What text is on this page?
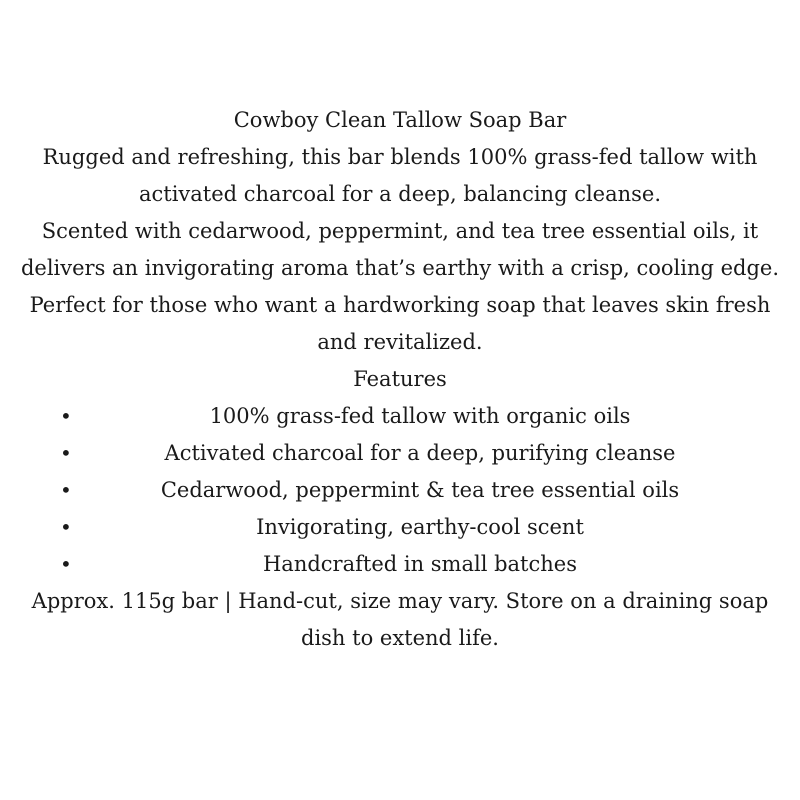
Cowboy Clean Tallow Soap Bar

Rugged and refreshing, this bar blends 100% grass-fed tallow with activated charcoal for a deep, balancing cleanse.

Scented with cedarwood, peppermint, and tea tree essential oils, it delivers an invigorating aroma that’s earthy with a crisp, cooling edge. Perfect for those who want a hardworking soap that leaves skin fresh and revitalized.

Features

•	100% grass-fed tallow with organic oils
•	Activated charcoal for a deep, purifying cleanse
•	Cedarwood, peppermint & tea tree essential oils
•	Invigorating, earthy-cool scent
•	Handcrafted in small batches

Approx. 115g bar | Hand-cut, size may vary. Store on a draining soap dish to extend life.
